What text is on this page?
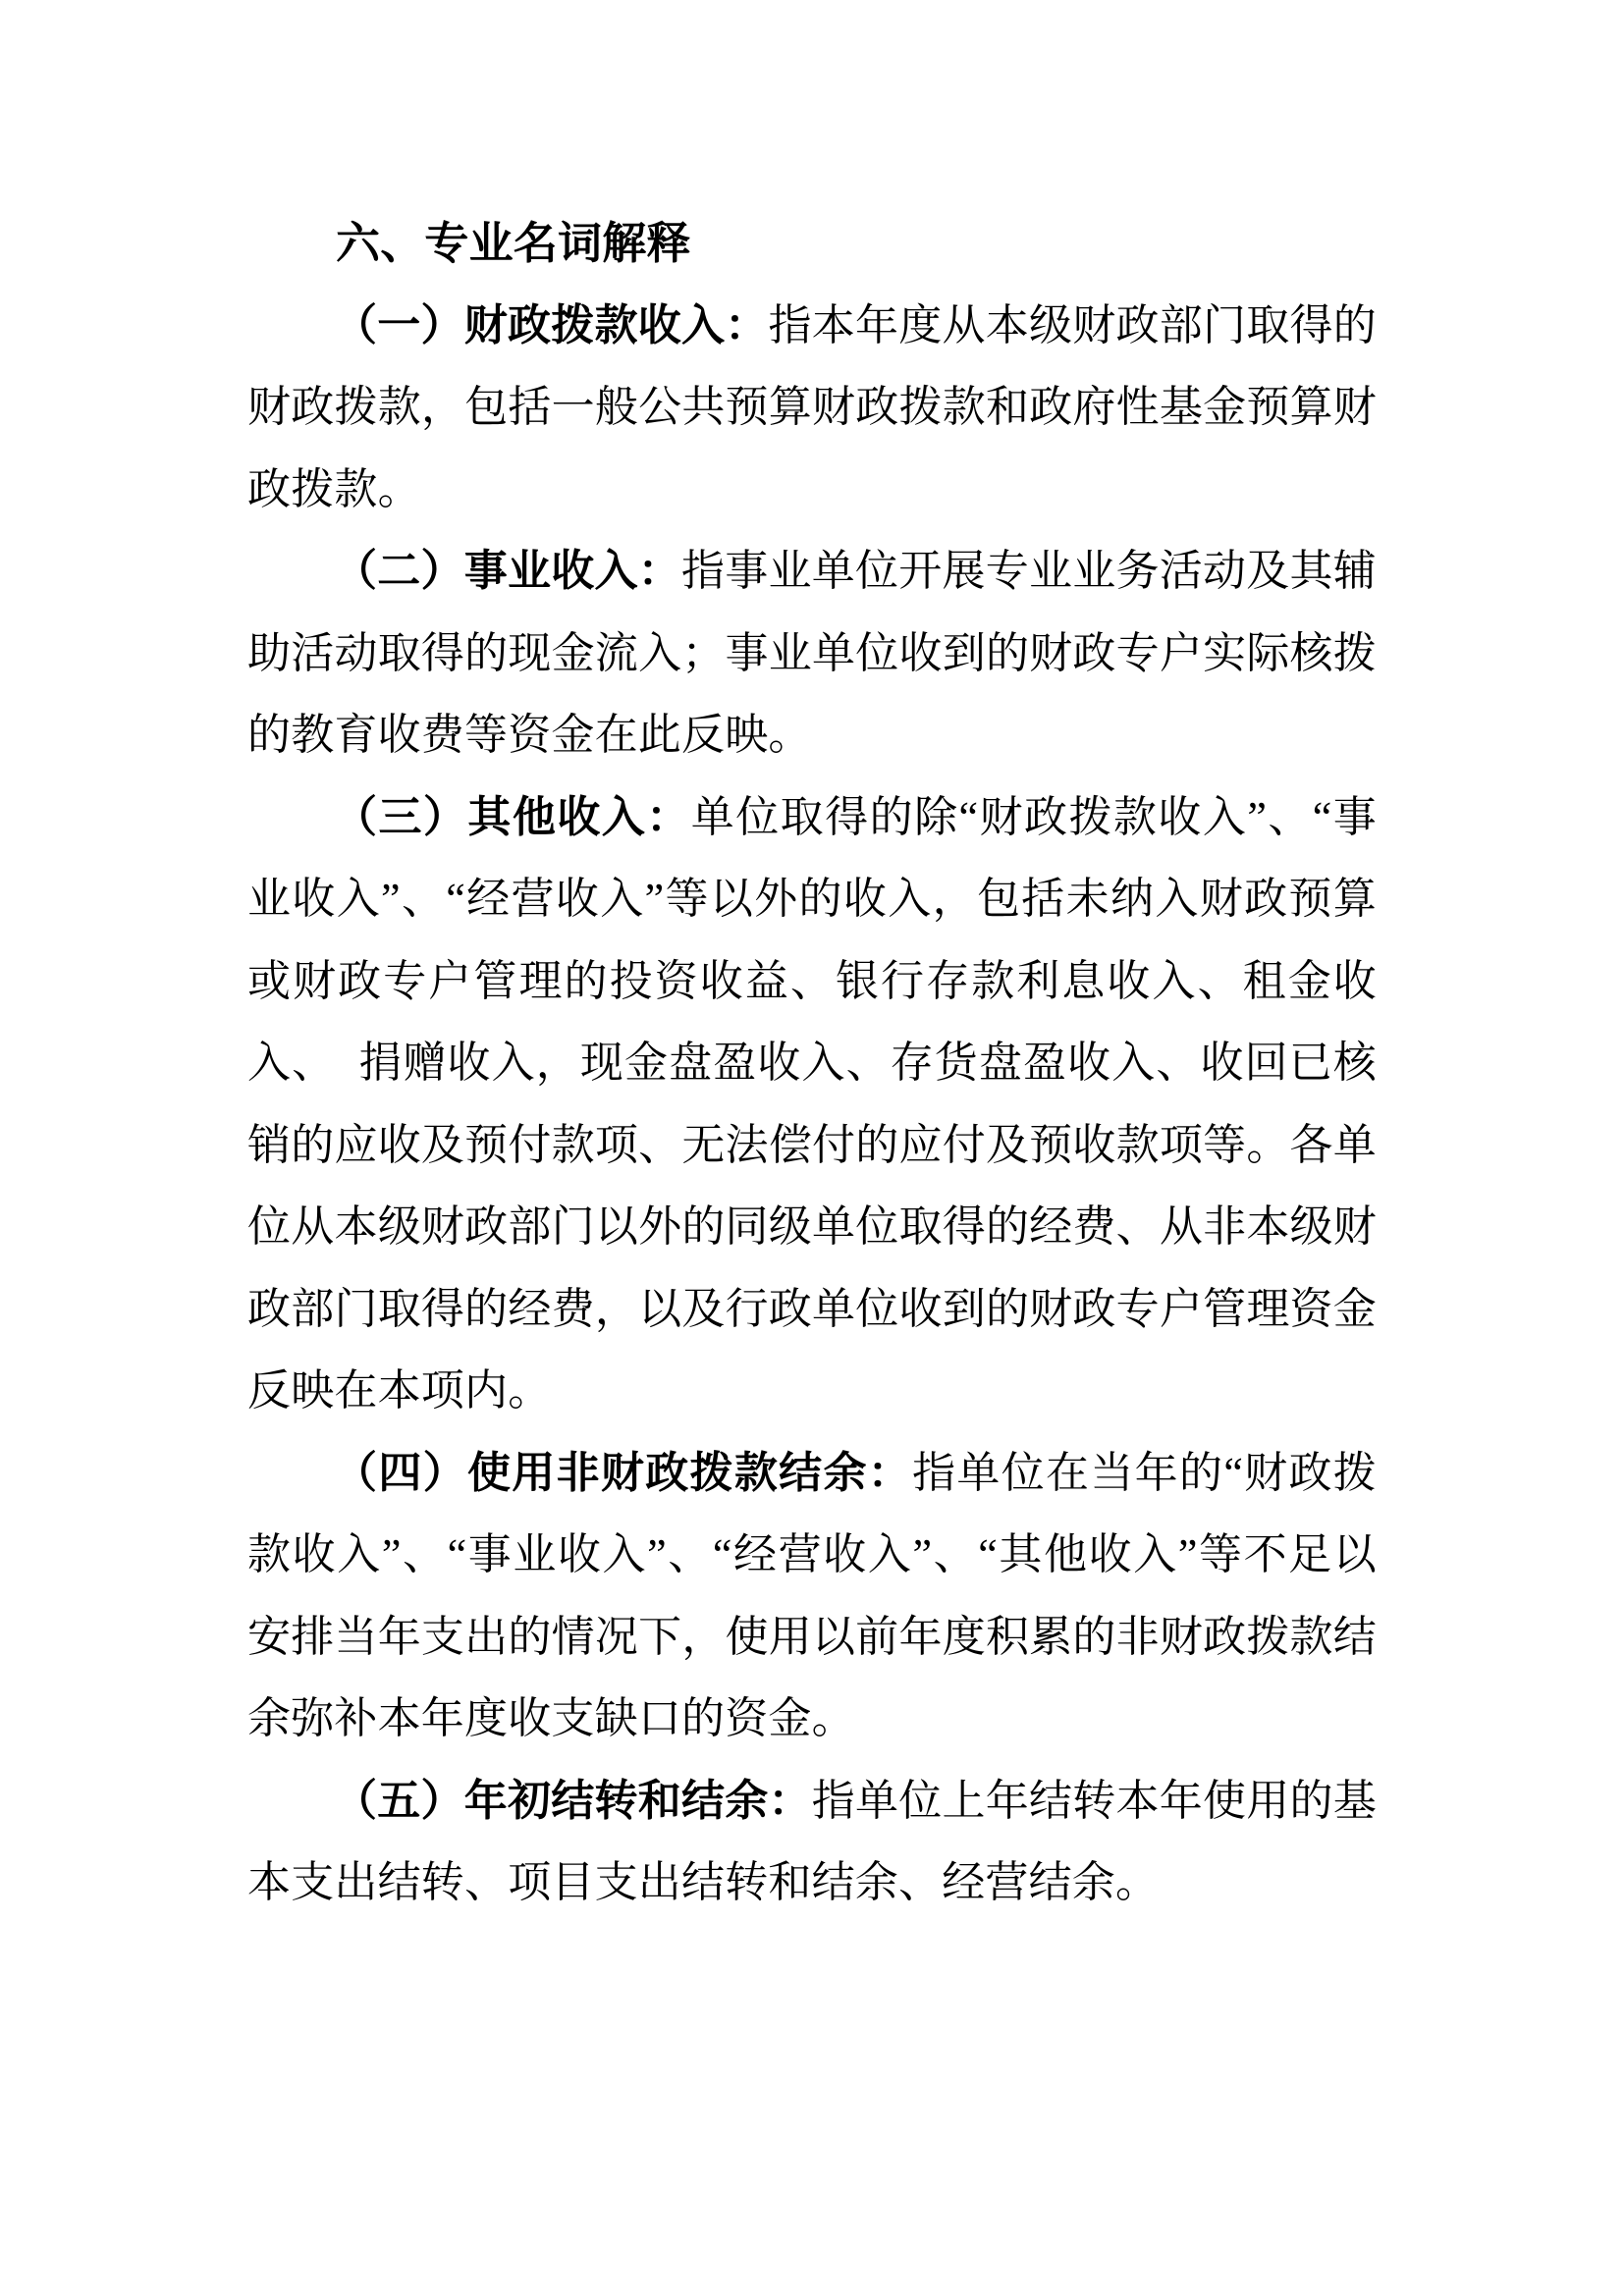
六、专业名词解释

（一）财政拨款收入：指本年度从本级财政部门取得的财政拨款，包括一般公共预算财政拨款和政府性基金预算财政拨款。

（二）事业收入：指事业单位开展专业业务活动及其辅助活动取得的现金流入；事业单位收到的财政专户实际核拨的教育收费等资金在此反映。

（三）其他收入：单位取得的除“财政拨款收入”、“事业收入”、“经营收入”等以外的收入，包括未纳入财政预算或财政专户管理的投资收益、银行存款利息收入、租金收入、　捐赠收入，现金盘盈收入、存货盘盈收入、收回已核销的应收及预付款项、无法偿付的应付及预收款项等。各单位从本级财政部门以外的同级单位取得的经费、从非本级财政部门取得的经费，以及行政单位收到的财政专户管理资金反映在本项内。

（四）使用非财政拨款结余：指单位在当年的“财政拨款收入”、“事业收入”、“经营收入”、“其他收入”等不足以安排当年支出的情况下，使用以前年度积累的非财政拨款结余弥补本年度收支缺口的资金。

（五）年初结转和结余：指单位上年结转本年使用的基本支出结转、项目支出结转和结余、经营结余。
